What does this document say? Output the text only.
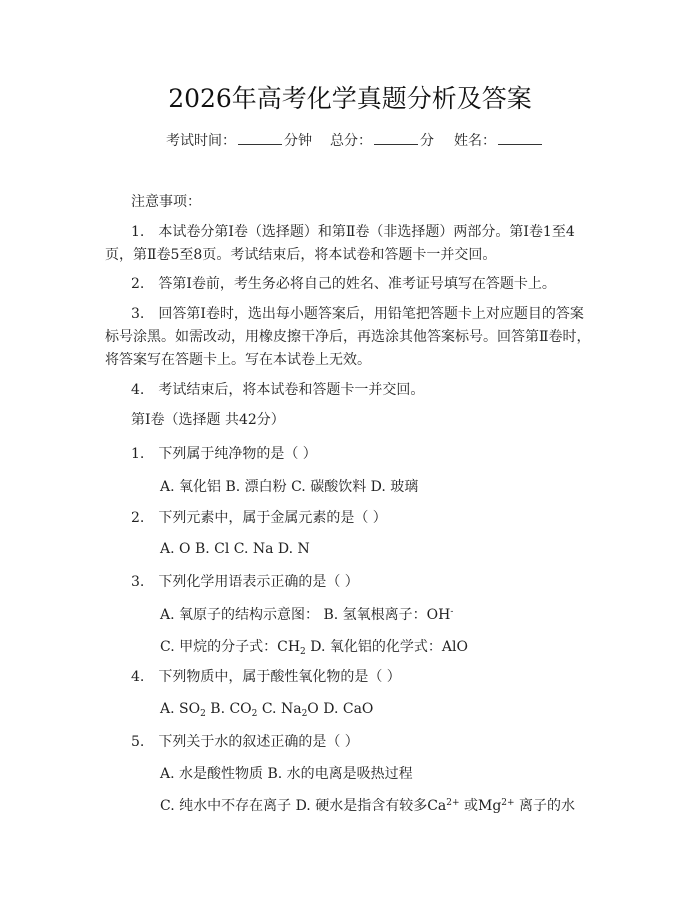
2026年高考化学真题分析及答案
考试时间：	分钟 总分：	分 姓名：
注意事项：
1.　本试卷分第Ⅰ卷（选择题）和第Ⅱ卷（非选择题）两部分。第Ⅰ卷1至4页，第Ⅱ卷5至8页。考试结束后，将本试卷和答题卡一并交回。
2.　答第Ⅰ卷前，考生务必将自己的姓名、准考证号填写在答题卡上。
3.　回答第Ⅰ卷时，选出每小题答案后，用铅笔把答题卡上对应题目的答案标号涂黑。如需改动，用橡皮擦干净后，再选涂其他答案标号。回答第Ⅱ卷时，将答案写在答题卡上。写在本试卷上无效。
4.　考试结束后，将本试卷和答题卡一并交回。
第Ⅰ卷（选择题 共42分）
1.　下列属于纯净物的是（ ）
A. 氧化铝 B. 漂白粉 C. 碳酸饮料 D. 玻璃
2.　下列元素中，属于金属元素的是（ ）
A. O B. Cl C. Na D. N
3.　下列化学用语表示正确的是（ ）
A. 氧原子的结构示意图： B. 氢氧根离子：OH-
C. 甲烷的分子式：$CH_2$ D. 氧化铝的化学式：AlO
4.　下列物质中，属于酸性氧化物的是（ ）
A. $SO_2$ B. $CO_2$ C. $Na_2O$ D. CaO
5.　下列关于水的叙述正确的是（ ）
A. 水是酸性物质 B. 水的电离是吸热过程
C. 纯水中不存在离子 D. 硬水是指含有较多$Ca^{2+}$ 或$Mg^{2+}$ 离子的水
